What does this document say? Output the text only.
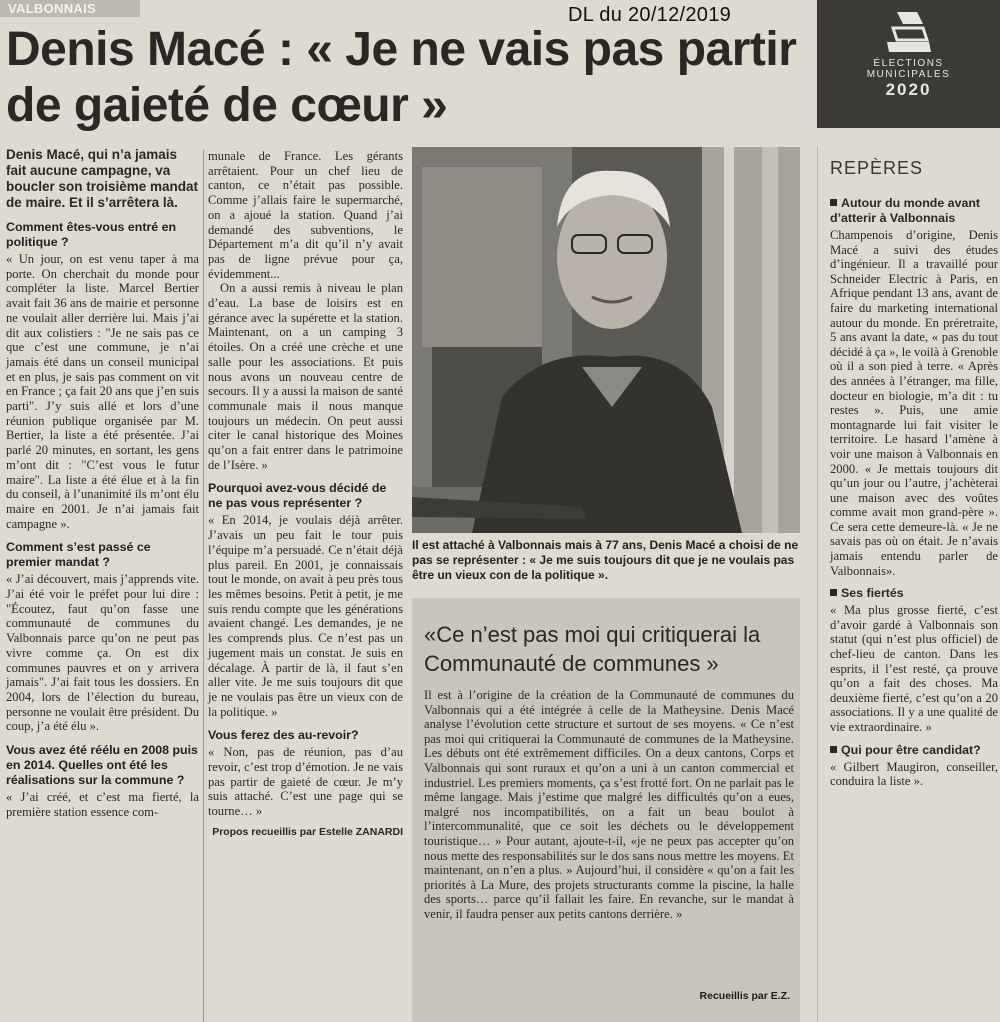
VALBONNAIS	DL du 20/12/2019
Denis Macé : « Je ne vais pas partir de gaieté de cœur »
ÉLECTIONS
MUNICIPALES
2020
Denis Macé, qui n’a jamais fait aucune campagne, va boucler son troisième mandat de maire. Et il s’arrêtera là.
Comment êtes-vous entré en politique ?

« Un jour, on est venu taper à ma porte. On cherchait du monde pour compléter la liste. Marcel Bertier avait fait 36 ans de mairie et personne ne voulait aller derrière lui. Mais j’ai dit aux colistiers : "Je ne sais pas ce que c’est une commune, je n’ai jamais été dans un conseil municipal et en plus, je sais pas comment on vit en France ; ça fait 20 ans que j’en suis parti". J’y suis allé et lors d’une réunion publique organisée par M. Bertier, la liste a été présentée. J’ai parlé 20 minutes, en sortant, les gens m’ont dit : "C’est vous le futur maire". La liste a été élue et à la fin du conseil, à l’unanimité ils m’ont élu maire en 2001. Je n’ai jamais fait campagne ».

Comment s’est passé ce premier mandat ?

« J’ai découvert, mais j’apprends vite. J’ai été voir le préfet pour lui dire : "Écoutez, faut qu’on fasse une communauté de communes du Valbonnais parce qu’on ne peut pas vivre comme ça. On est dix communes pauvres et on y arrivera jamais". J’ai fait tous les dossiers. En 2004, lors de l’élection du bureau, personne ne voulait être président. Du coup, j’a été élu ».

Vous avez été réélu en 2008 puis en 2014. Quelles ont été les réalisations sur la commune ?

« J’ai créé, et c’est ma fierté, la première station essence com-

munale de France. Les gérants arrêtaient. Pour un chef lieu de canton, ce n’était pas possible. Comme j’allais faire le supermarché, on a ajoué la station. Quand j’ai demandé des subventions, le Département m’a dit qu’il n’y avait pas de ligne prévue pour ça, évidemment...

On a aussi remis à niveau le plan d’eau. La base de loisirs est en gérance avec la supérette et la station. Maintenant, on a un camping 3 étoiles. On a créé une crèche et une salle pour les associations. Et puis nous avons un nouveau centre de secours. Il y a aussi la maison de santé communale mais il nous manque toujours un médecin. On peut aussi citer le canal historique des Moines qu’on a fait entrer dans le patrimoine de l’Isère. »

Pourquoi avez-vous décidé de ne pas vous représenter ?

« En 2014, je voulais déjà arrêter. J’avais un peu fait le tour puis l’équipe m’a persuadé. Ce n’était déjà plus pareil. En 2001, je connaissais tout le monde, on avait à peu près tous les mêmes besoins. Petit à petit, je me suis rendu compte que les générations avaient changé. Les demandes, je ne les comprends plus. Ce n’est pas un jugement mais un constat. Je suis en décalage. À partir de là, il faut s’en aller vite. Je me suis toujours dit que je ne voulais pas être un vieux con de la politique. »

Vous ferez des au-revoir?

« Non, pas de réunion, pas d’au revoir, c’est trop d’émotion. Je ne vais pas partir de gaieté de cœur. Je m’y suis attaché. C’est une page qui se tourne… »

Propos recueillis par Estelle ZANARDI
Il est attaché à Valbonnais mais à 77 ans, Denis Macé a choisi de ne pas se représenter : « Je me suis toujours dit que je ne voulais pas être un vieux con de la politique ».
«Ce n’est pas moi qui critiquerai la Communauté de communes »
Il est à l’origine de la création de la Communauté de communes du Valbonnais qui a été intégrée à celle de la Matheysine. Denis Macé analyse l’évolution cette structure et surtout de ses moyens. « Ce n’est pas moi qui critiquerai la Communauté de communes de la Matheysine. Les débuts ont été extrêmement difficiles. On a deux cantons, Corps et Valbonnais qui sont ruraux et qu’on a uni à un canton commercial et industriel. Les premiers moments, ça s’est frotté fort. On ne parlait pas le même langage. Mais j’estime que malgré les difficultés qu’on a eues, malgré nos incompatibilités, on a fait un beau boulot à l’intercommunalité, que ce soit les déchets ou le développement touristique… » Pour autant, ajoute-t-il, «je ne peux pas accepter qu’on nous mette des responsabilités sur le dos sans nous mettre les moyens. Et maintenant, on n’en a plus. » Aujourd’hui, il considère « qu’on a fait les priorités à La Mure, des projets structurants comme la piscine, la halle des sports… parce qu’il fallait les faire. En revanche, sur le mandat à venir, il faudra penser aux petits cantons derrière. »
Recueillis par E.Z.
REPÈRES
Autour du monde avant d’atterir à Valbonnais

Champenois d’origine, Denis Macé a suivi des études d’ingénieur. Il a travaillé pour Schneider Electric à Paris, en Afrique pendant 13 ans, avant de faire du marketing international autour du monde. En préretraite, 5 ans avant la date, « pas du tout décidé à ça », le voilà à Grenoble où il a son pied à terre. « Après des années à l’étranger, ma fille, docteur en biologie, m’a dit : tu restes ». Puis, une amie montagnarde lui fait visiter le territoire. Le hasard l’amène à voir une maison à Valbonnais en 2000. « Je mettais toujours dit qu’un jour ou l’autre, j’achèterai une maison avec des voûtes comme avait mon grand-père ». Ce sera cette demeure-là. « Je ne savais pas où on était. Je n’avais jamais entendu parler de Valbonnais».

Ses fiertés

« Ma plus grosse fierté, c’est d’avoir gardé à Valbonnais son statut (qui n’est plus officiel) de chef-lieu de canton. Dans les esprits, il l’est resté, ça prouve qu’on a fait des choses. Ma deuxième fierté, c’est qu’on a 20 associations. Il y a une qualité de vie extraordinaire. »

Qui pour être candidat?

« Gilbert Maugiron, conseiller, conduira la liste ».
